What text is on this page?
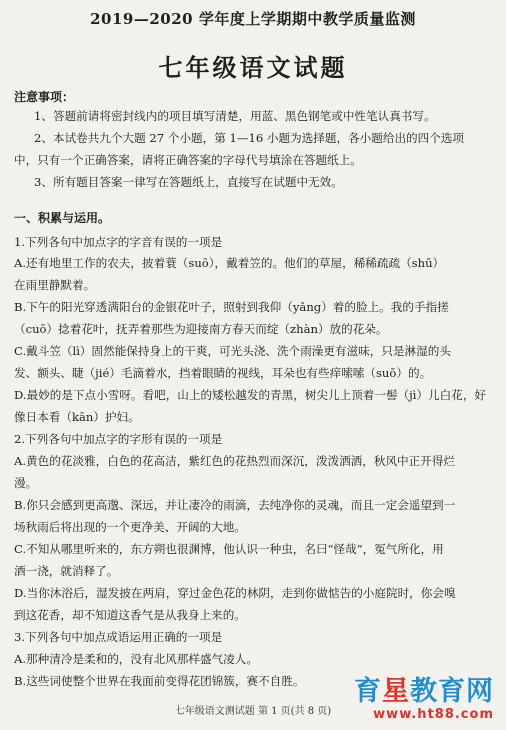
2019—2020 学年度上学期期中教学质量监测
七年级语文试题
注意事项：
1、答题前请将密封线内的项目填写清楚，用蓝、黑色钢笔或中性笔认真书写。
2、本试卷共九个大题 27 个小题，第 1—16 小题为选择题，各小题给出的四个选项
中，只有一个正确答案，请将正确答案的字母代号填涂在答题纸上。
3、所有题目答案一律写在答题纸上，直接写在试题中无效。
一、积累与运用。
1.下列各句中加点字的字音有误的一项是
A.还有地里工作的农夫，披着蓑（suō），戴着笠的。他们的草屋，稀稀疏疏（shū）
在雨里静默着。
B.下午的阳光穿透满阳台的金银花叶子，照射到我仰（yǎng）着的脸上。我的手指搓
（cuō）捻着花叶，抚弄着那些为迎接南方春天而绽（zhàn）放的花朵。
C.戴斗笠（lì）固然能保持身上的干爽，可光头浇、洗个雨澡更有滋味，只是淋湿的头
发、额头、睫（jié）毛滴着水，挡着眼睛的视线，耳朵也有些痒嗦嗦（suō）的。
D.最妙的是下点小雪呀。看吧，山上的矮松越发的青黑，树尖儿上顶着一髻（jì）儿白花，好
像日本看（kān）护妇。
2.下列各句中加点字的字形有误的一项是
A.黄色的花淡雅，白色的花高洁，紫红色的花热烈而深沉，泼泼洒洒，秋风中正开得烂
漫。
B.你只会感到更高邈、深远，并让凄冷的雨滴，去纯净你的灵魂，而且一定会遥望到一
场秋雨后将出现的一个更净美、开阔的大地。
C.不知从哪里听来的，东方朔也很渊博，他认识一种虫，名曰“怪哉”，冤气所化，用
酒一浇，就消释了。
D.当你沐浴后，湿发披在两肩，穿过金色花的林阴，走到你做惦告的小庭院时，你会嗅
到这花香，却不知道这香气是从我身上来的。
3.下列各句中加点成语运用正确的一项是
A.那种清冷是柔和的，没有北风那样盛气凌人。
B.这些词使整个世界在我面前变得花团锦簇，赛不自胜。
七年级语文测试题 第 1 页(共 8 页)
育星教育网
www.ht88.com
